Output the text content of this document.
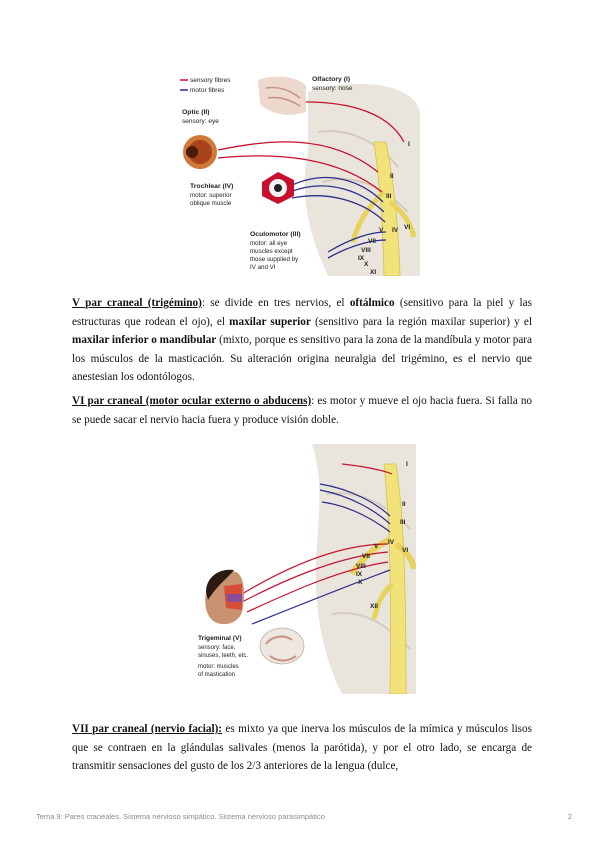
sensory fibres
motor fibres
Olfactory (I)
sensory: nose
Optic (II)
sensory: eye
Trochlear (IV)
motor: superior
oblique muscle
Oculomotor (III)
motor: all eye
muscles except
those supplied by
IV and VI
I
II
III
IV
V	VI
VII
VIII
IX
X
XI
V par craneal (trigémino): se divide en tres nervios, el oftálmico (sensitivo para la piel y las estructuras que rodean el ojo), el maxilar superior (sensitivo para la región maxilar superior) y el maxilar inferior o mandibular (mixto, porque es sensitivo para la zona de la mandíbula y motor para los músculos de la masticación. Su alteración origina neuralgia del trigémino, es el nervio que anestesian los odontólogos.
VI par craneal (motor ocular externo o abducens): es motor y mueve el ojo hacia fuera. Si falla no se puede sacar el nervio hacia fuera y produce visión doble.
Trigeminal (V)
sensory: face,
sinuses, teeth, etc.
motor: muscles
of mastication
I
II
III
IV
V
VI
VII
VIII
IX
X
XII
VII par craneal (nervio facial): es mixto ya que inerva los músculos de la mímica y músculos lisos que se contraen en la glándulas salivales (menos la parótida), y por el otro lado, se encarga de transmitir sensaciones del gusto de los 2/3 anteriores de la lengua (dulce,
Tema 9: Pares craneales. Sistema nervioso simpático. Sistema nervioso parasimpático	2
